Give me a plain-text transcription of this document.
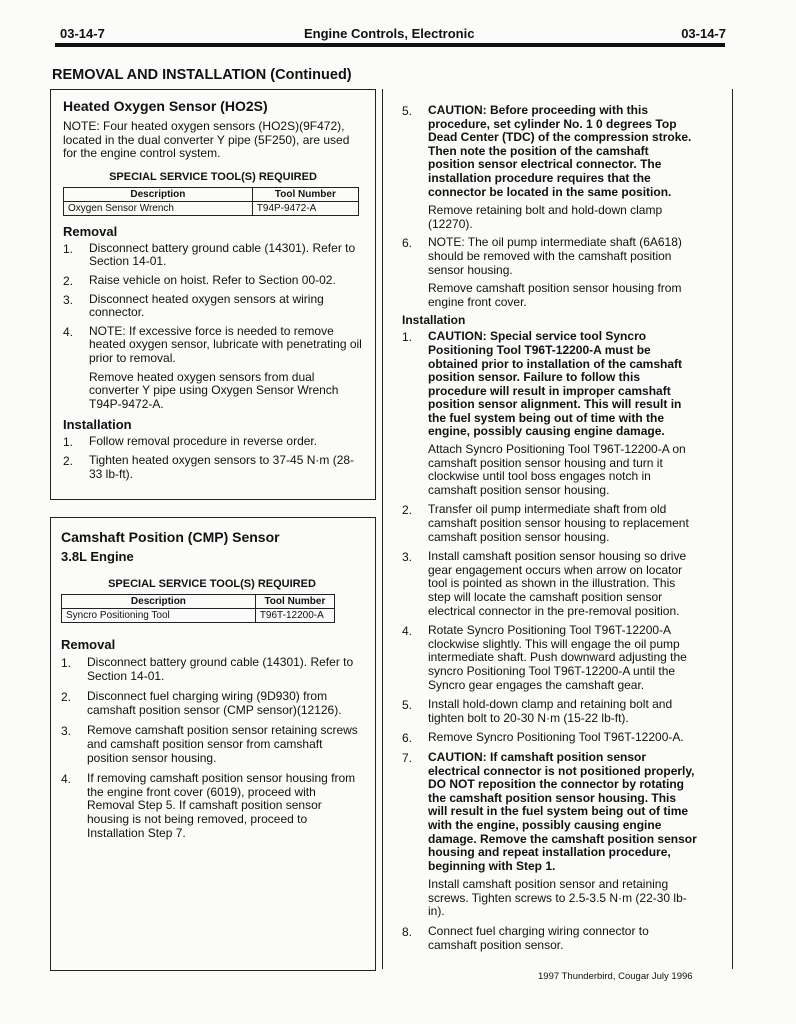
03-14-7	Engine Controls, Electronic	03-14-7
REMOVAL AND INSTALLATION (Continued)
Heated Oxygen Sensor (HO2S)

NOTE: Four heated oxygen sensors (HO2S)(9F472), located in the dual converter Y pipe (5F250), are used for the engine control system.

SPECIAL SERVICE TOOL(S) REQUIRED

Description	Tool Number
Oxygen Sensor Wrench	T94P-9472-A
Removal
1. Disconnect battery ground cable (14301). Refer to Section 14-01.

2. Raise vehicle on hoist. Refer to Section 00-02.

3. Disconnect heated oxygen sensors at wiring connector.

4. NOTE: If excessive force is needed to remove heated oxygen sensor, lubricate with penetrating oil prior to removal.

Remove heated oxygen sensors from dual converter Y pipe using Oxygen Sensor Wrench T94P-9472-A.

Installation
1. Follow removal procedure in reverse order.

2. Tighten heated oxygen sensors to 37-45 N·m (28-33 lb-ft).

Camshaft Position (CMP) Sensor
3.8L Engine

SPECIAL SERVICE TOOL(S) REQUIRED

Description	Tool Number
Syncro Positioning Tool	T96T-12200-A
Removal
1. Disconnect battery ground cable (14301). Refer to Section 14-01.

2. Disconnect fuel charging wiring (9D930) from camshaft position sensor (CMP sensor)(12126).

3. Remove camshaft position sensor retaining screws and camshaft position sensor from camshaft position sensor housing.

4. If removing camshaft position sensor housing from the engine front cover (6019), proceed with Removal Step 5. If camshaft position sensor housing is not being removed, proceed to Installation Step 7.

5. CAUTION: Before proceeding with this procedure, set cylinder No. 1 0 degrees Top Dead Center (TDC) of the compression stroke. Then note the position of the camshaft position sensor electrical connector. The installation procedure requires that the connector be located in the same position.

Remove retaining bolt and hold-down clamp (12270).

6. NOTE: The oil pump intermediate shaft (6A618) should be removed with the camshaft position sensor housing.

Remove camshaft position sensor housing from engine front cover.

Installation
1. CAUTION: Special service tool Syncro Positioning Tool T96T-12200-A must be obtained prior to installation of the camshaft position sensor. Failure to follow this procedure will result in improper camshaft position sensor alignment. This will result in the fuel system being out of time with the engine, possibly causing engine damage.

Attach Syncro Positioning Tool T96T-12200-A on camshaft position sensor housing and turn it clockwise until tool boss engages notch in camshaft position sensor housing.

2. Transfer oil pump intermediate shaft from old camshaft position sensor housing to replacement camshaft position sensor housing.

3. Install camshaft position sensor housing so drive gear engagement occurs when arrow on locator tool is pointed as shown in the illustration. This step will locate the camshaft position sensor electrical connector in the pre-removal position.

4. Rotate Syncro Positioning Tool T96T-12200-A clockwise slightly. This will engage the oil pump intermediate shaft. Push downward adjusting the syncro Positioning Tool T96T-12200-A until the Syncro gear engages the camshaft gear.

5. Install hold-down clamp and retaining bolt and tighten bolt to 20-30 N·m (15-22 lb-ft).

6. Remove Syncro Positioning Tool T96T-12200-A.

7. CAUTION: If camshaft position sensor electrical connector is not positioned properly, DO NOT reposition the connector by rotating the camshaft position sensor housing. This will result in the fuel system being out of time with the engine, possibly causing engine damage. Remove the camshaft position sensor housing and repeat installation procedure, beginning with Step 1.

Install camshaft position sensor and retaining screws. Tighten screws to 2.5-3.5 N·m (22-30 lb-in).

8. Connect fuel charging wiring connector to camshaft position sensor.

1997 Thunderbird, Cougar July 1996
